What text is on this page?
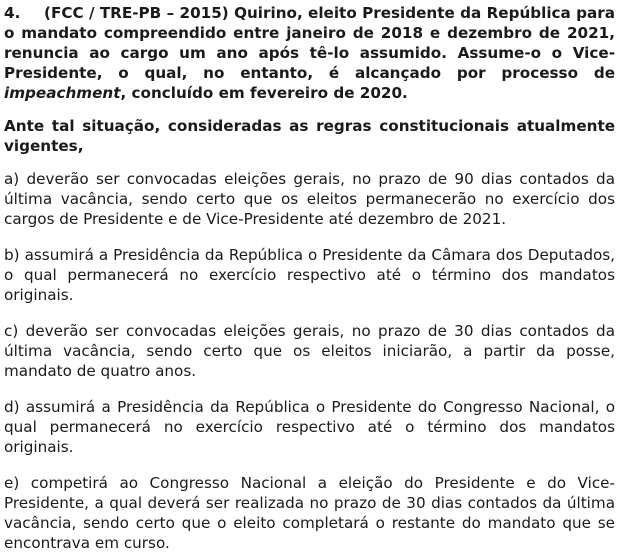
4. (FCC / TRE-PB – 2015) Quirino, eleito Presidente da República para o mandato compreendido entre janeiro de 2018 e dezembro de 2021, renuncia ao cargo um ano após tê-lo assumido. Assume-o o Vice-Presidente, o qual, no entanto, é alcançado por processo de impeachment, concluído em fevereiro de 2020.

Ante tal situação, consideradas as regras constitucionais atualmente vigentes,

a) deverão ser convocadas eleições gerais, no prazo de 90 dias contados da última vacância, sendo certo que os eleitos permanecerão no exercício dos cargos de Presidente e de Vice-Presidente até dezembro de 2021.

b) assumirá a Presidência da República o Presidente da Câmara dos Deputados, o qual permanecerá no exercício respectivo até o término dos mandatos originais.

c) deverão ser convocadas eleições gerais, no prazo de 30 dias contados da última vacância, sendo certo que os eleitos iniciarão, a partir da posse, mandato de quatro anos.

d) assumirá a Presidência da República o Presidente do Congresso Nacional, o qual permanecerá no exercício respectivo até o término dos mandatos originais.

e) competirá ao Congresso Nacional a eleição do Presidente e do Vice-Presidente, a qual deverá ser realizada no prazo de 30 dias contados da última vacância, sendo certo que o eleito completará o restante do mandato que se encontrava em curso.
